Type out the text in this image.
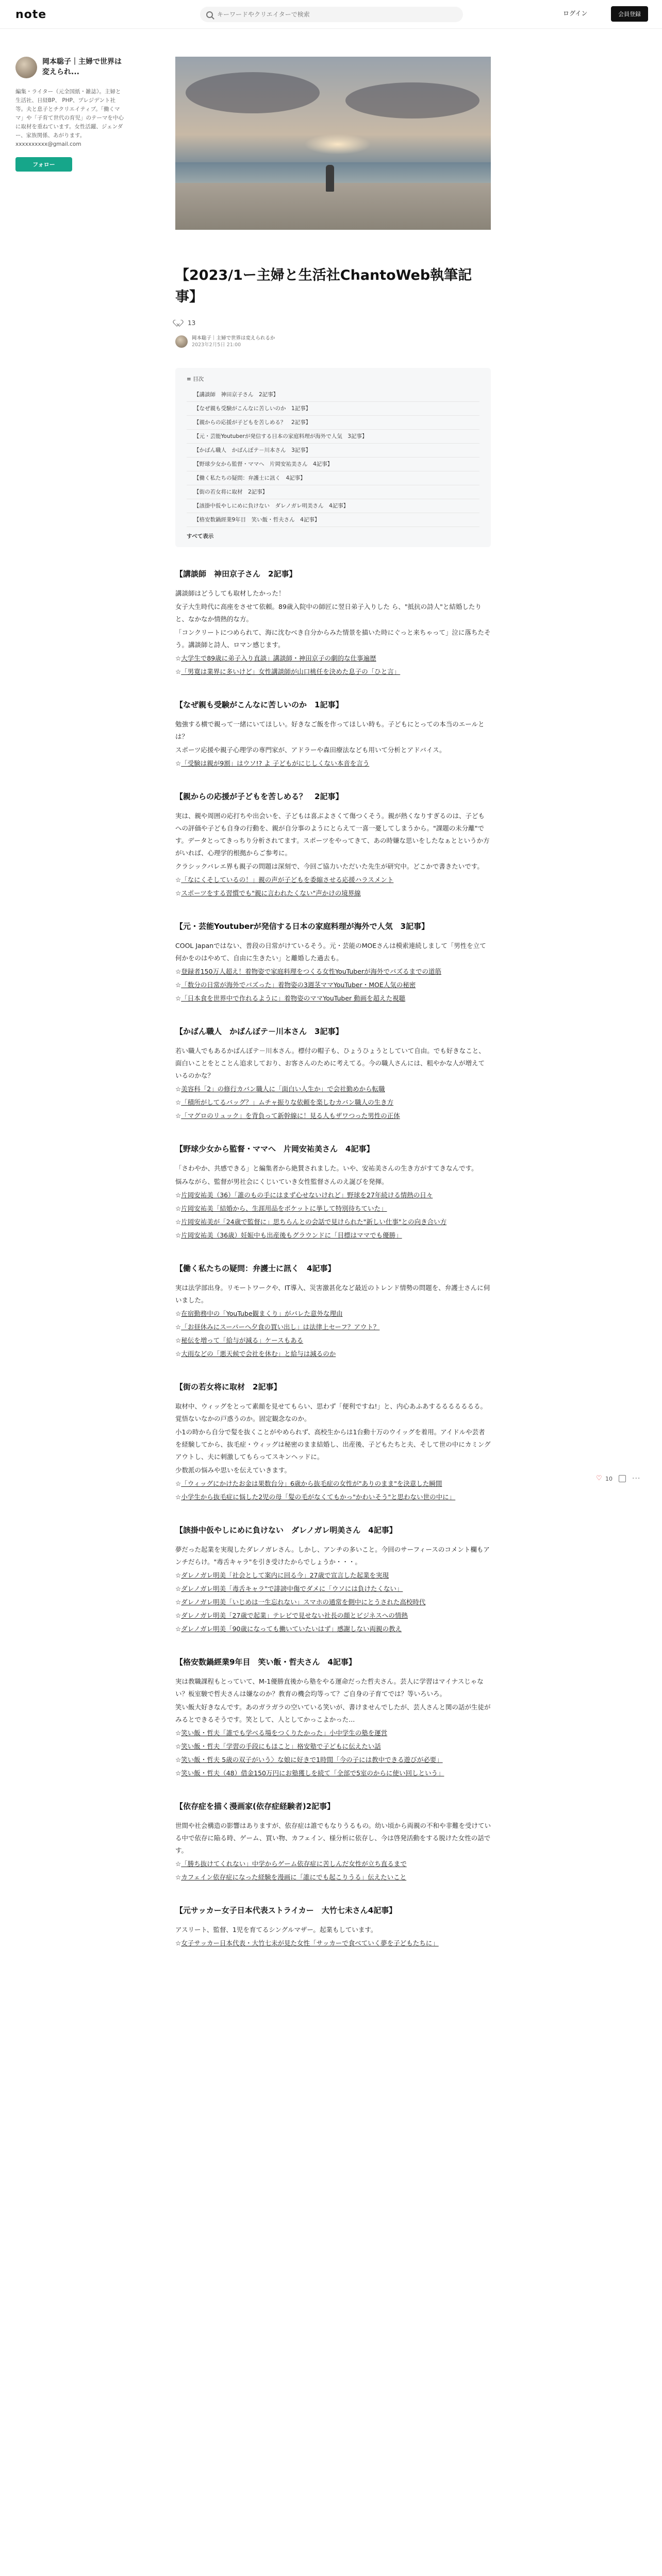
note
キーワードやクリエイターで検索	ログイン	会員登録
岡本聡子｜主婦で世界は変えられ...
編集・ライター（元全国紙・雑誌）。主婦と生活社、日経BP、 PHP、プレジデント社等。夫と息子とチクリエイティブ。「働くママ」や「子育て世代の育児」のテーマを中心に取材を重ねています。女性活躍、ジェンダー、家族関係、あがります。
xxxxxxxxxx@gmail.com
フォロー
【2023/1ー主婦と生活社ChantoWeb執筆記事】
13
岡本聡子｜主婦で世界は変えられるか
2023年2月5日 21:00
≡ 目次
【講談師　神田京子さん　2記事】
【なぜ親も受験がこんなに苦しいのか　1記事】
【親からの応援が子どもを苦しめる？　2記事】
【元・芸能Youtuberが発信する日本の家庭料理が海外で人気　3記事】
【かばん職人　かばんぼテ－川本さん　3記事】
【野球少女から監督・ママへ　片岡安祐美さん　4記事】
【働く私たちの疑問：弁護士に訊く　4記事】
【街の若女将に取材　2記事】
【該掛中仮やしにめに負けない　ダレノガレ明美さん　4記事】
【格安数鍋經業9年目　笑い飯・哲夫さん　4記事】
すべて表示
【講談師　神田京子さん　2記事】

講談師はどうしても取材したかった！

女子大生時代に高座をさせて依頼。89歳入院中の師匠に翌日弟子入りした ら、"抵抗の詩人"と結婚したりと、なかなか情熱的な方。

「コンクリートにつめられて、海に沈むべき自分からみた情景を描いた時にぐっと来ちゃって」泣に落ちたそう。講談師と詩人、ロマン感じます。

☆大学生で89歳に弟子入り直談」講談師・神田京子の劇的な仕事遍歴

☆「男寛は業界に多いけど」女性講談師が山口桃任を決めた息子の「ひと言」

【なぜ親も受験がこんなに苦しいのか　1記事】

勉強する横で親って一緒にいてほしい。好きなご飯を作ってほしい時も。子どもにとっての本当のエールとは？

スポーツ応援や親子心理学の専門家が、アドラーや森田療法なども用いて分析とアドバイス。

☆「受験は親が9割」はウソ!? よ 子どもがにじしくない本音を言う

【親からの応援が子どもを苦しめる？　2記事】

実は、親や周囲の応打ちや出会いを、子どもは喜ぶよさくて傷つくそう。親が熱くなりすぎるのは、子どもへの評価や子ども自身の行動を、親が自分事のようにとらえて一喜一憂してしまうから。"課題の未分離"です。データとってきっちり分析されてます。スポーツをやってきて、あの時嫌な思いをしたなぁとというか方がいれば、心理学的根拠からご参考に。

クラシックバレエ界も親子の問題は深刻で、今回ご協力いただいた先生が研究中。どこかで書きたいです。

☆「なにくそしているの！」親の声が子どもを委縮させる応援ハラスメント

☆スポーツをする習慣でも"親に言われたくない"声かけの境界線

【元・芸能Youtuberが発信する日本の家庭料理が海外で人気　3記事】

COOL Japanではない、普段の日常がけているそう。元・芸能のMOEさんは模索連続しまして「男性を立て何かをのはやめて、自由に生きたい」と離婚した過去も。

☆登録者150万人超え！着物姿で家庭料理をつくる女性YouTuberが海外でバズるまでの道筋

☆「数分の日常が海外でバズった」着物姿の3週茎ママYouTuber・MOE人気の秘密

☆「日本食を世界中で作れるように」着物姿のママYouTuber 動画を超えた視聴

【かばん職人　かばんぼテ－川本さん　3記事】

若い職人でもあるかばんぼテ－川本さん。標付の帽子も、ひょうひょうとしていて自由。でも好きなこと、面白いことをとことん追求しており、お客さんのために考えてる。今の職人さんには、粗やかな人が増えているのかな？

☆美容科「2」の修行カバン職人に「面白い人生か」で会社勤めから転職

☆「積所がしてるバッグ？」ムチャ振りな依頼を楽しむカバン職人の生き方

☆「マグロのリュック」を背負って新幹線に！見る人もザワつった男性の正体

【野球少女から監督・ママへ　片岡安祐美さん　4記事】

「さわやか、共感できる」と編集者から絶賛されました。いや、安祐美さんの生き方がすてきなんです。

悩みながら、監督が男社会にくじいていき女性監督さんのえ誕びを発揮。

☆片岡安祐美（36）「誰のもの手にはまず心せないけれど」野球を27年続ける情熱の日々

☆片岡安祐美「結婚から、生涯用品をボケットに挙して特別待ちていた」

☆片岡安祐美が「24歳で監督に」思ちらんとの会話で見けられた"新しい仕事"との向き合い方

☆片岡安祐美（36歳）妊娠中も出産後もグラウンドに「目標はママでも優勝」

【働く私たちの疑問：弁護士に訊く　4記事】

実は法学部出身。リモートワークや、IT導入、災害激甚化など最近のトレンド情勢の問題を、弁護士さんに伺いました。

☆在宿勤務中の「YouTube観まくり」がバレた意外な理由

☆「お昼休みにスーパーへ夕食の買い出し」は法律上セーフ？アウト？

☆秘伝を増って「給与が減る」ケースもある

☆大雨などの「悪天候で会社を休む」と給与は減るのか

【街の若女将に取材　2記事】

取材中、ウィッグをとって素顔を見せてもらい、思わず「便利ですね!」と、内心あふあするるるるるるる。覚悟ないなかの戸惑うのか。固定観念なのか。

小1の時から自分で髪を抜くことがやめられず、高校生からは1台動十万のウイッグを着用。アイドルや芸者を経験してから、抜毛症・ウィッグは秘密のまま結婚し、出産後、子どもたちと夫、そして世の中にカミングアウトし、夫に刺激してもらってスキンヘッドに。

少数派の悩みや思いを伝えていきます。

☆「ウィッグにかけたお金は果数台分」6歳から抜毛症の女性が"ありのまま"を決意した瞬間

☆小学生から抜毛症に悩した2児の母「髪の毛がなくてもかっ"かわいそう"と思わない世の中に」

【該掛中仮やしにめに負けない　ダレノガレ明美さん　4記事】

夢だった起業を実現したダレノガレさん。しかし、アンチの多いこと。今回のサーフィースのコメント欄もアンチだらけ。"毒舌キャラ"を引き受けたからでしょうか・・・。

☆ダレノガレ明美「社会として案内に回る今」27歳で宣言した起業を実現

☆ダレノガレ明美「毒舌キャラ"で誹謗中傷でダメに「ウソには負けたくない」

☆ダレノガレ明美「いじめは一生忘れない」スマホの通常を側中にとうされた高校時代

☆ダレノガレ明美「27歳で起業」テレビで見せない社長の顔とビジネスへの情熱

☆ダレノガレ明美「90歳になっても働いていたいはず」感謝しない両親の教え

【格安数鍋經業9年目　笑い飯・哲夫さん　4記事】

実は教職課程もとっていて、M-1優勝直後から塾をやる運命だった哲夫さん。芸人に学習はマイナスじゃない？板室駿で哲夫さんは嫌なのか？教育の機会均等って？ご自身の子育てでは？等いろいろ。

笑い飯大好きなんです。あのガラガラの空いている笑いが、書けませんでしたが、芸人さんと関の話が生徒がみるとできるそうです。笑として、人としてかっこよかった...

☆笑い飯・哲夫「誰でも学べる場をつくりたかった」小中学生の塾を運営

☆笑い飯・哲夫「学習の手段にもほこと」格安塾で子どもに伝えたい話

☆笑い飯・哲夫 5歳の双子がいう〉な娘に好きで1時間「今の子には教中できる遊びが必要」

☆笑い飯・哲夫（48）借金150万円にお塾獲しを続て「全部で5室のからに使い回しという」

【依存症を描く漫画家(依存症経験者)2記事】

世間や社会構造の影響はありますが、依存症は誰でもなりうるもの。幼い頃から両親の不和や非難を受けている中で依存に陥る時、ゲーム、買い物、カフェイン、様分析に依存し、今は啓発活動をする脱けた女性の話です。

☆「勝ち抜けてくれない」中学からゲーム依存症に苦しんだ女性が立ち直るまで

☆カフェイン依存症になった経験を漫画に「誰にでも起こりうる」伝えたいこと

【元サッカー女子日本代表ストライカー　大竹七未さん4記事】

アスリート、監督、1児を育てるシングルマザー。起業もしています。

☆女子サッカー日本代表・大竹七未が見た女性「サッカーで食べていく夢を子どもたちに」

♡ 10	···
